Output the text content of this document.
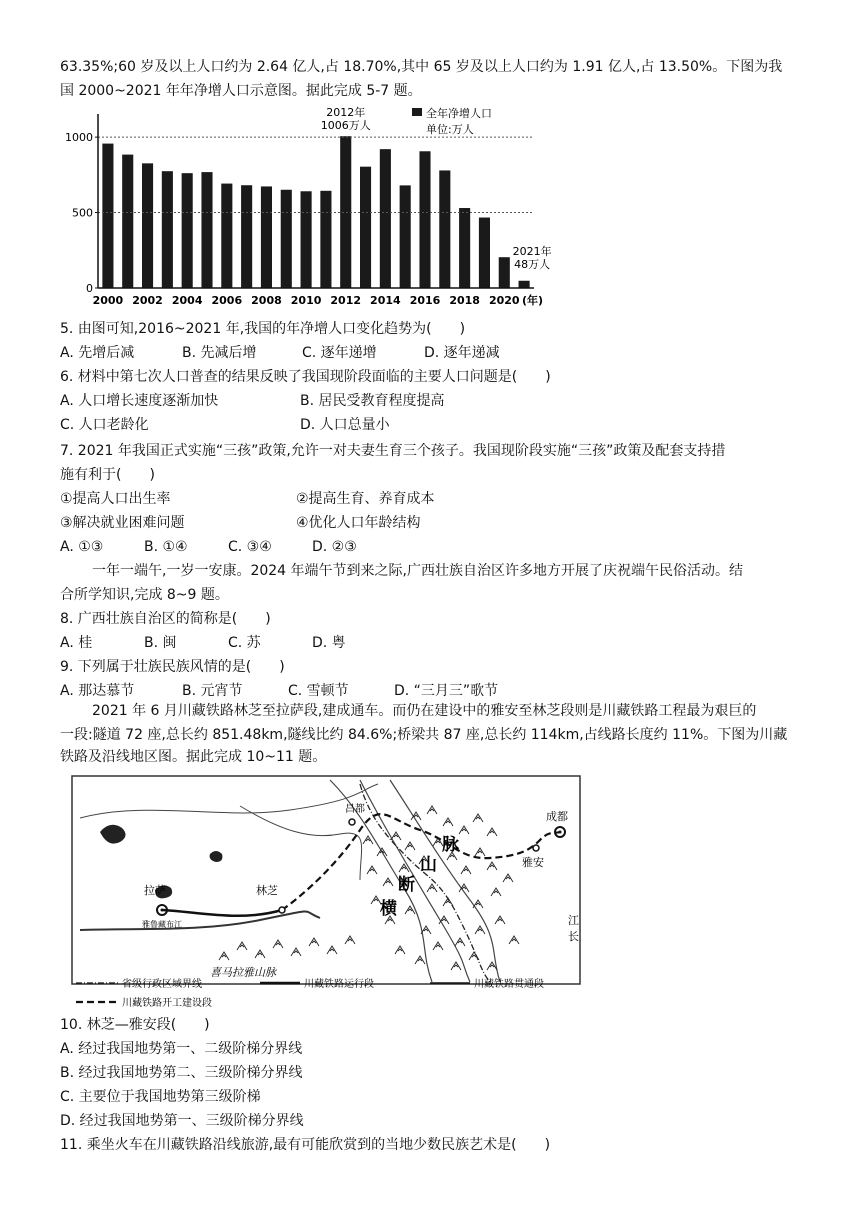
63.35%;60 岁及以上人口约为 2.64 亿人,占 18.70%,其中 65 岁及以上人口约为 1.91 亿人,占 13.50%。下图为我
国 2000~2021 年年净增人口示意图。据此完成 5-7 题。
0
500
1000
2000 2002 2004 2006 2008 2010 2012 2014 2016 2018 2020 (年)
全年净增人口
单位:万人
2012年
1006万人
2021年
48万人
5. 由图可知,2016~2021 年,我国的年净增人口变化趋势为(　　)
A. 先增后减	B. 先减后增	C. 逐年递增	D. 逐年递减
6. 材料中第七次人口普查的结果反映了我国现阶段面临的主要人口问题是(　　)
A. 人口增长速度逐渐加快	B. 居民受教育程度提高
C. 人口老龄化	D. 人口总量小
7. 2021 年我国正式实施“三孩”政策,允许一对夫妻生育三个孩子。我国现阶段实施“三孩”政策及配套支持措
施有利于(　　)
①提高人口出生率	②提高生育、养育成本
③解决就业困难问题	④优化人口年龄结构
A. ①③	B. ①④	C. ③④	D. ②③
一年一端午,一岁一安康。2024 年端午节到来之际,广西壮族自治区许多地方开展了庆祝端午民俗活动。结
合所学知识,完成 8~9 题。
8. 广西壮族自治区的简称是(　　)
A. 桂	B. 闽	C. 苏	D. 粤
9. 下列属于壮族民族风情的是(　　)
A. 那达慕节	B. 元宵节	C. 雪顿节	D. “三月三”歌节
2021 年 6 月川藏铁路林芝至拉萨段,建成通车。而仍在建设中的雅安至林芝段则是川藏铁路工程最为艰巨的
一段:隧道 72 座,总长约 851.48km,隧线比约 84.6%;桥梁共 87 座,总长约 114km,占线路长度约 11%。下图为川藏
铁路及沿线地区图。据此完成 10~11 题。
拉萨	林芝
昌都
成都
雅安
雅鲁藏布江
喜马拉雅山脉
横
断
山
脉
江
长
省级行政区域界线	川藏铁路运行段	川藏铁路贯通段
川藏铁路开工建设段
10. 林芝—雅安段(　　)
A. 经过我国地势第一、二级阶梯分界线
B. 经过我国地势第二、三级阶梯分界线
C. 主要位于我国地势第三级阶梯
D. 经过我国地势第一、三级阶梯分界线
11. 乘坐火车在川藏铁路沿线旅游,最有可能欣赏到的当地少数民族艺术是(　　)
